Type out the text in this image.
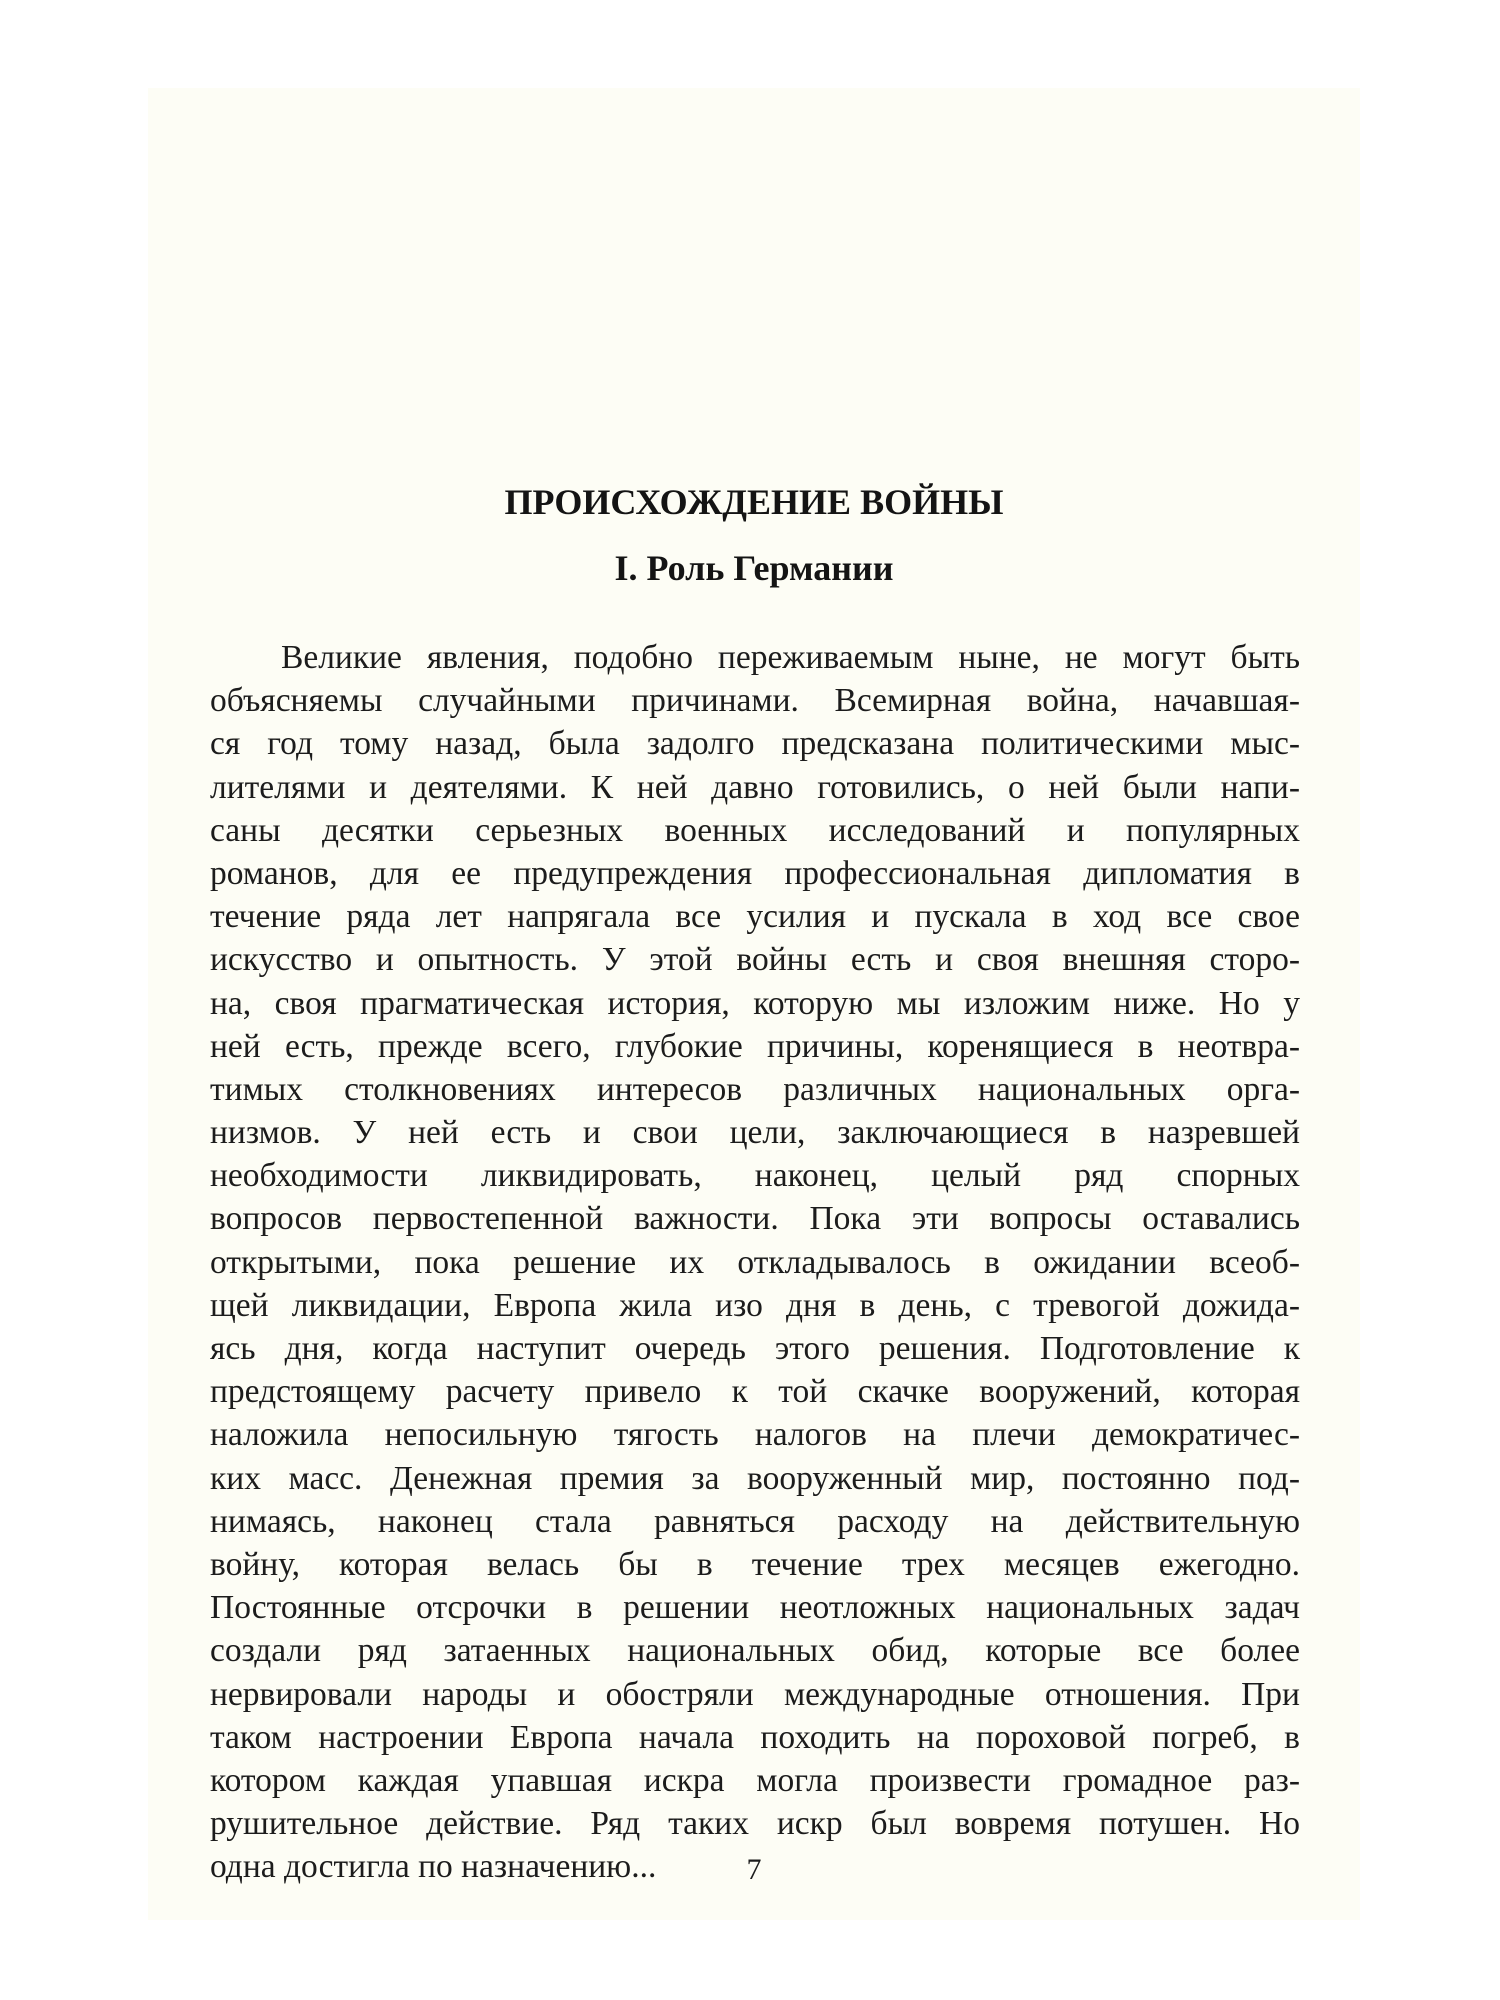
ПРОИСХОЖДЕНИЕ ВОЙНЫ
I. Роль Германии
Великие явления, подобно переживаемым ныне, не могут быть
объясняемы случайными причинами. Всемирная война, начавшая-
ся год тому назад, была задолго предсказана политическими мыс-
лителями и деятелями. К ней давно готовились, о ней были напи-
саны десятки серьезных военных исследований и популярных
романов, для ее предупреждения профессиональная дипломатия в
течение ряда лет напрягала все усилия и пускала в ход все свое
искусство и опытность. У этой войны есть и своя внешняя сторо-
на, своя прагматическая история, которую мы изложим ниже. Но у
ней есть, прежде всего, глубокие причины, коренящиеся в неотвра-
тимых столкновениях интересов различных национальных орга-
низмов. У ней есть и свои цели, заключающиеся в назревшей
необходимости ликвидировать, наконец, целый ряд спорных
вопросов первостепенной важности. Пока эти вопросы оставались
открытыми, пока решение их откладывалось в ожидании всеоб-
щей ликвидации, Европа жила изо дня в день, с тревогой дожида-
ясь дня, когда наступит очередь этого решения. Подготовление к
предстоящему расчету привело к той скачке вооружений, которая
наложила непосильную тягость налогов на плечи демократичес-
ких масс. Денежная премия за вооруженный мир, постоянно под-
нимаясь, наконец стала равняться расходу на действительную
войну, которая велась бы в течение трех месяцев ежегодно.
Постоянные отсрочки в решении неотложных национальных задач
создали ряд затаенных национальных обид, которые все более
нервировали народы и обостряли международные отношения. При
таком настроении Европа начала походить на пороховой погреб, в
котором каждая упавшая искра могла произвести громадное раз-
рушительное действие. Ряд таких искр был вовремя потушен. Но
одна достигла по назначению...	7
